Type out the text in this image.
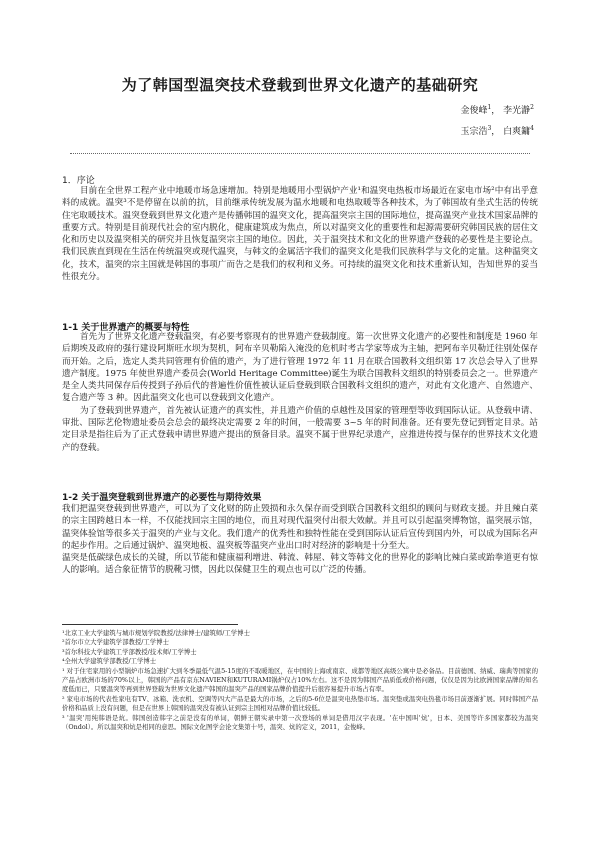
为了韩国型温突技术登载到世界文化遗产的基础研究
金俊峰$^1$， 李光瀞$^2$
玉宗浩$^3$， 白爽鏞$^4$
1．序论

目前在全世界工程产业中地暖市场急速增加。特别是地暖用小型锅炉产业¹和温突电热板市场最近在家电市场²中有出乎意料的成就。温突³不是停留在以前的抗，目前继承传统发展为温水地暖和电热取暖等各种技术，为了韩国故有坐式生活的传统住宅取暖技术。温突登载到世界文化遗产是传播韩国的温突文化，提高温突宗主国的国际地位，提高温突产业技术国家品牌的重要方式。特别是目前现代社会的室内脱化，健康建筑成为焦点，所以对温突文化的重要性和起源需要研究韩国民族的居住文化和历史以及温突相关的研究并且恢复温突宗主国的地位。因此，关于温突技术和文化的世界遗产登载的必要性是主要论点。我们民族直到现在生活在传统温突或现代温突，与韩文的金属活字我们的温突文化是我们民族科学与文化的定量。这种温突文化，技术，温突的宗主国就是韩国的事项广而告之是我们的权利和义务。可持续的温突文化和技术重新认知，告知世界的妥当性很充分。

1-1 关于世界遗产的概要与特性

首先为了世界文化遗产登载温突，有必要考察现有的世界遗产登载制度。第一次世界文化遗产的必要性和制度是 1960 年后期埃及政府的强行建设阿斯旺水坝为契机，阿布辛贝勒陷入淹没的危机时考古学家等成为主轴，把阿布辛贝勒迁往别处保存而开始。之后，选定人类共同管理有价值的遗产，为了进行管理 1972 年 11 月在联合国教科文组织第 17 次总会导入了世界遗产制度。1975 年使世界遗产委员会(World Heritage Committee)诞生为联合国教科文组织的特别委员会之一。世界遗产是全人类共同保存后传授到子孙后代的普遍性价值性被认证后登载到联合国教科文组织的遗产，对此有文化遗产、自然遗产、复合遗产等 3 种。因此温突文化也可以登载到文化遗产。

为了登载到世界遗产，首先被认证遗产的真实性，并且遗产价值的卓越性及国家的管理型等收到国际认证。从登载申请、审批、国际艺伦物遗址委员会总会的最终决定需要 2 年的时间，一般需要 3~5 年的时间准备。还有要先登记到暂定目录。站定目录是指往后为了正式登载申请世界遗产提出的预备目录。温突不属于世界纪录遗产，应推进传授与保存的世界技术文化遗产的登载。

1-2 关于温突登载到世界遗产的必要性与期待效果

我们把温突登载到世界遗产，可以为了文化财的防止毁损和永久保存而受到联合国教科文组织的顾问与财政支援。并且辣白菜的宗主国跨越日本一样，不仅能找回宗主国的地位，而且对现代温突付出很大效献。并且可以引起温突博物馆，温突展示馆，温突体验馆等很多关于温突的产业与文化。我们遗产的优秀性和独特性能在受到国际认证后宣传到国内外，可以成为国际名声的起步作用。之后通过锅炉、温突地板、温突板等温突产业出口时对经济的影响是十分至大。

温突是低碳绿色成长的关键，所以节能和健康福利增进、韩流、韩屋、韩文等韩文化的世界化的影响比辣白菜或跆拳道更有惊人的影响。适合象征情节的脱靴习惯，因此以保健卫生的观点也可以广泛的传播。

¹北京工业大学建筑与城市规划学院教授/法律博士/建筑师/工学博士

²首尔市立大学建筑学部教授/工学博士

³首尔科技大学建筑工学部教授/技术师/工学博士

⁴全州大学建筑学部教授/工学博士

¹ 对于住宅家用的小型锅炉市场急速扩大到冬季最低气温5-15度的不取暖地区，在中国的上海或南京、成都等地区高级公寓中是必备品。目前德国、纳威、瑞典等国家的产品占欧洲市场的70%以上，韩国的产品有京东NAVIEN和KUTURAMI锅炉仅占10%左右。这不是因为韩国产品质低或价格问题，仅仅是因为比欧洲国家品牌的知名度低而已，只要温突等再到世界登载为世界文化遗产韩国的温突产品的国家品牌价值提升后很容易提升市场占有率。

² 家电市场的代表性家电有TV、冰箱、洗衣机、空调等四大产品是最大的市场，之后的5-6位是温突电热垫市场。温突垫或温突电热毯市场目前逐渐扩展。同时韩国产品价格和品质上没有问题，但是在世界上韩国的温突没有被认证到宗主国相对品牌价值比较低。

³ '温突'用纯韩语是炕。韩国创造韩字之前是没有的单词，朝鲜王朝实录中第一次登场的单词是借用汉字表现。'在中国叫'炕'，日本、美国等许多国家都较为温突（Ondol）。所以温突和炕是相同的意思。国际文化图学会论文集第十号，温突、炕的定义，2011，金俊峰。
